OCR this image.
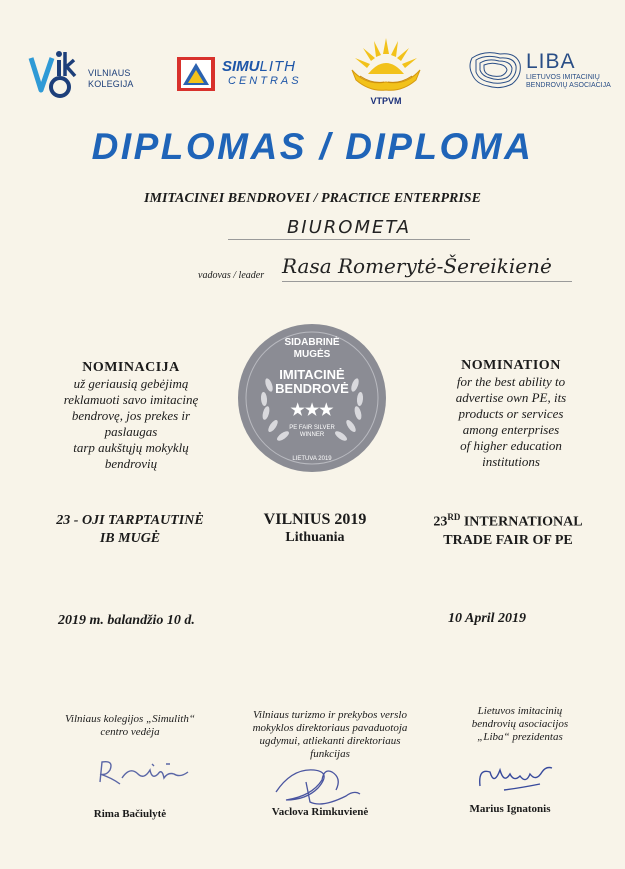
VILNIAUS
KOLEGIJA
SIMULITH
CENTRAS
VTPVM
LIBA
LIETUVOS IMITACINIŲ
BENDROVIŲ ASOCIACIJA
DIPLOMAS / DIPLOMA
IMITACINEI BENDROVEI / PRACTICE ENTERPRISE
BIUROMETA
vadovas / leader Rasa Romerytė-Šereikienė
NOMINACIJA
už geriausią gebėjimą
reklamuoti savo imitacinę
bendrovę, jos prekes ir
paslaugas
tarp aukštųjų mokyklų
bendrovių
NOMINATION
for the best ability to
advertise own PE, its
products or services
among enterprises
of higher education
institutions
SIDABRINĖ
MUGĖS
IMITACINĖ
BENDROVĖ
★★★
PE FAIR SILVER
WINNER
LIETUVA 2019
23 - OJI TARPTAUTINĖ
IB MUGĖ
VILNIUS 2019
Lithuania
23RD INTERNATIONAL
TRADE FAIR OF PE
2019 m. balandžio 10 d.	10 April 2019
Vilniaus kolegijos „Simulith“
centro vedėja
Vilniaus turizmo ir prekybos verslo
mokyklos direktoriaus pavaduotoja
ugdymui, atliekanti direktoriaus
funkcijas
Lietuvos imitacinių
bendrovių asociacijos
„Liba“ prezidentas
Rima Bačiulytė	Vaclova Rimkuvienė	Marius Ignatonis
